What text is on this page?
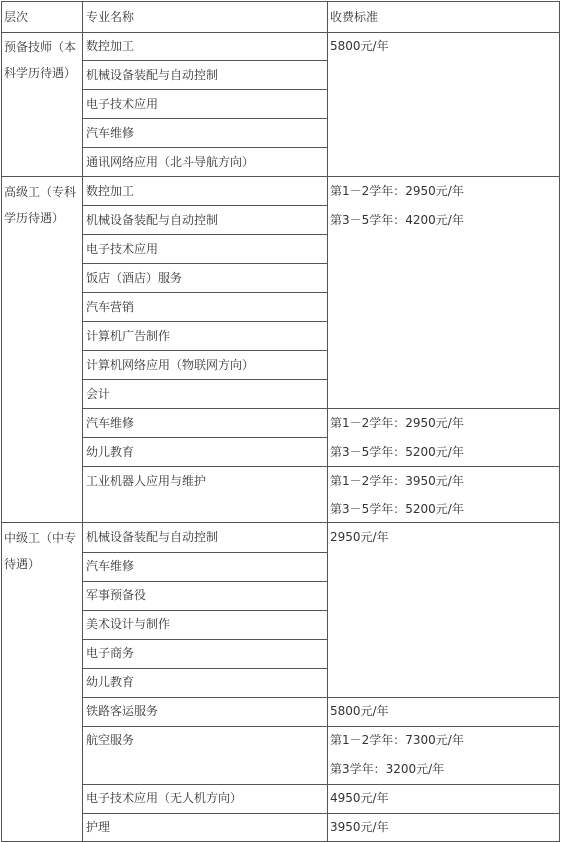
层次	专业名称	收费标准
预备技师（本科学历待遇）
数控加工
机械设备装配与自动控制
电子技术应用
汽车维修
通讯网络应用（北斗导航方向）
5800元/年
高级工（专科学历待遇）
数控加工
机械设备装配与自动控制
电子技术应用
饭店（酒店）服务
汽车营销
计算机广告制作
计算机网络应用（物联网方向）
会计
汽车维修
幼儿教育
工业机器人应用与维护
第1－2学年：2950元/年
第3－5学年：4200元/年
第1－2学年：2950元/年
第3－5学年：5200元/年
第1－2学年：3950元/年
第3－5学年：5200元/年
中级工（中专待遇）
机械设备装配与自动控制
汽车维修
军事预备役
美术设计与制作
电子商务
幼儿教育
铁路客运服务
航空服务
电子技术应用（无人机方向）
护理
2950元/年
5800元/年
第1－2学年：7300元/年
第3学年：3200元/年
4950元/年
3950元/年
